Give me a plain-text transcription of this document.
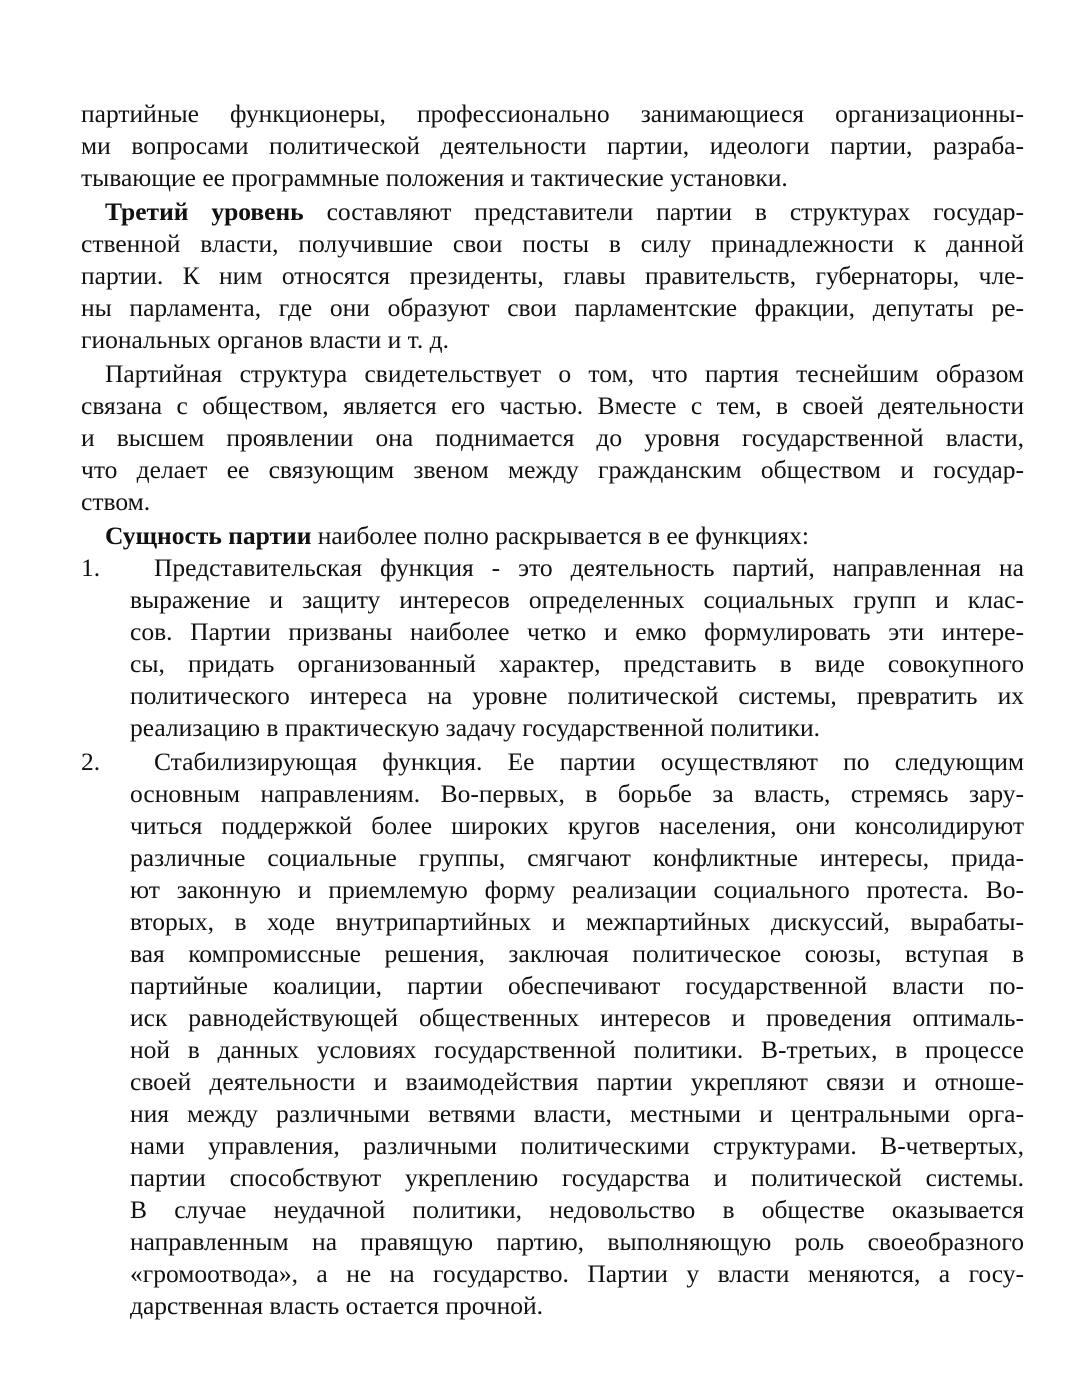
партийные функционеры, профессионально занимающиеся организационны-
ми вопросами политической деятельности партии, идеологи партии, разраба-
тывающие ее программные положения и тактические установки.
Третий уровень составляют представители партии в структурах государ-
ственной власти, получившие свои посты в силу принадлежности к данной
партии. К ним относятся президенты, главы правительств, губернаторы, чле-
ны парламента, где они образуют свои парламентские фракции, депутаты ре-
гиональных органов власти и т. д.
Партийная структура свидетельствует о том, что партия теснейшим образом
связана с обществом, является его частью. Вместе с тем, в своей деятельности
и высшем проявлении она поднимается до уровня государственной власти,
что делает ее связующим звеном между гражданским обществом и государ-
ством.
Сущность партии наиболее полно раскрывается в ее функциях:
1.	Представительская функция - это деятельность партий, направленная на
выражение и защиту интересов определенных социальных групп и клас-
сов. Партии призваны наиболее четко и емко формулировать эти интере-
сы, придать организованный характер, представить в виде совокупного
политического интереса на уровне политической системы, превратить их
реализацию в практическую задачу государственной политики.
2.	Стабилизирующая функция. Ее партии осуществляют по следующим
основным направлениям. Во-первых, в борьбе за власть, стремясь зару-
читься поддержкой более широких кругов населения, они консолидируют
различные социальные группы, смягчают конфликтные интересы, прида-
ют законную и приемлемую форму реализации социального протеста. Во-
вторых, в ходе внутрипартийных и межпартийных дискуссий, вырабаты-
вая компромиссные решения, заключая политическое союзы, вступая в
партийные коалиции, партии обеспечивают государственной власти по-
иск равнодействующей общественных интересов и проведения оптималь-
ной в данных условиях государственной политики. В-третьих, в процессе
своей деятельности и взаимодействия партии укрепляют связи и отноше-
ния между различными ветвями власти, местными и центральными орга-
нами управления, различными политическими структурами. В-четвертых,
партии способствуют укреплению государства и политической системы.
В случае неудачной политики, недовольство в обществе оказывается
направленным на правящую партию, выполняющую роль своеобразного
«громоотвода», а не на государство. Партии у власти меняются, а госу-
дарственная власть остается прочной.
